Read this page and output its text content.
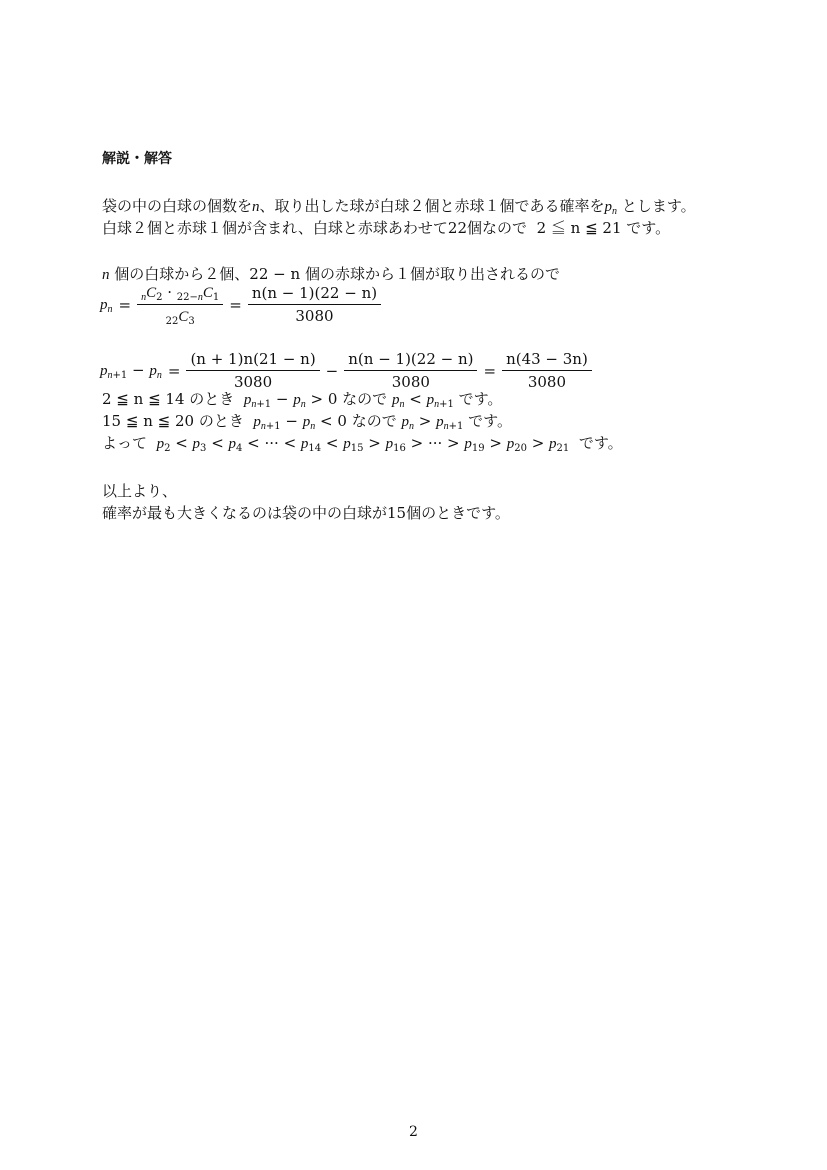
解説・解答
袋の中の白球の個数をn、取り出した球が白球２個と赤球１個である確率を$p_n$ とします。
白球２個と赤球１個が含まれ、白球と赤球あわせて22個なので 2 ≦ n ≦ 21 です。
n 個の白球から２個、22 − n 個の赤球から１個が取り出されるので
$p_n = \frac{_nC_2 \cdot _{22-n}C_1}{_{22}C_3} = \frac{n(n - 1)(22 - n)}{3080}$
$p_{n+1} - p_n = \frac{(n + 1)n(21 - n)}{3080} - \frac{n(n - 1)(22 - n)}{3080} = \frac{n(43 - 3n)}{3080}$
2 ≦ n ≦ 14 のとき $p_{n+1} - p_n > 0$ なので $p_n < p_{n+1}$ です。
15 ≦ n ≦ 20 のとき $p_{n+1} - p_n < 0$ なので $p_n > p_{n+1}$ です。
よって $p_2 < p_3 < p_4$ < ··· < $p_{14} < p_{15} > p_{16}$ > ··· > $p_{19} > p_{20} > p_{21}$ です。
以上より、
確率が最も大きくなるのは袋の中の白球が15個のときです。
2
